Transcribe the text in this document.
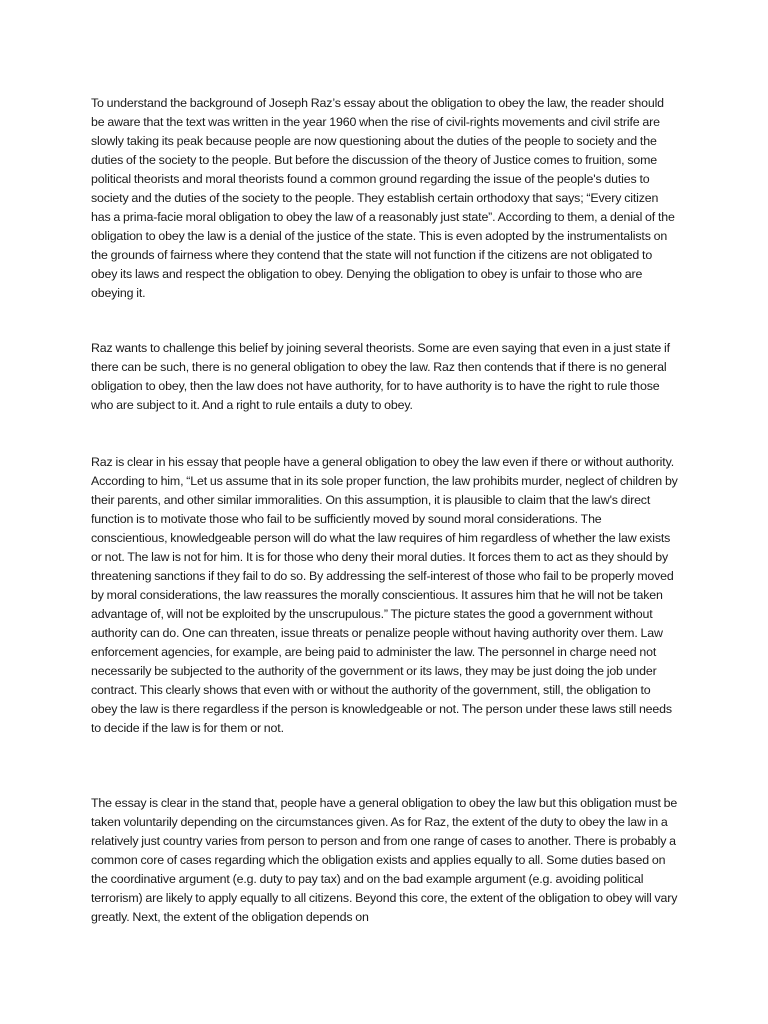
To understand the background of Joseph Raz’s essay about the obligation to obey the law, the reader should be aware that the text was written in the year 1960 when the rise of civil-rights movements and civil strife are slowly taking its peak because people are now questioning about the duties of the people to society and the duties of the society to the people. But before the discussion of the theory of Justice comes to fruition, some political theorists and moral theorists found a common ground regarding the issue of the people's duties to society and the duties of the society to the people. They establish certain orthodoxy that says; “Every citizen has a prima-facie moral obligation to obey the law of a reasonably just state”. According to them, a denial of the obligation to obey the law is a denial of the justice of the state. This is even adopted by the instrumentalists on the grounds of fairness where they contend that the state will not function if the citizens are not obligated to obey its laws and respect the obligation to obey. Denying the obligation to obey is unfair to those who are obeying it.

Raz wants to challenge this belief by joining several theorists. Some are even saying that even in a just state if there can be such, there is no general obligation to obey the law. Raz then contends that if there is no general obligation to obey, then the law does not have authority, for to have authority is to have the right to rule those who are subject to it. And a right to rule entails a duty to obey.

Raz is clear in his essay that people have a general obligation to obey the law even if there or without authority. According to him, “Let us assume that in its sole proper function, the law prohibits murder, neglect of children by their parents, and other similar immoralities. On this assumption, it is plausible to claim that the law's direct function is to motivate those who fail to be sufficiently moved by sound moral considerations. The conscientious, knowledgeable person will do what the law requires of him regardless of whether the law exists or not. The law is not for him. It is for those who deny their moral duties. It forces them to act as they should by threatening sanctions if they fail to do so. By addressing the self-interest of those who fail to be properly moved by moral considerations, the law reassures the morally conscientious. It assures him that he will not be taken advantage of, will not be exploited by the unscrupulous.” The picture states the good a government without authority can do. One can threaten, issue threats or penalize people without having authority over them. Law enforcement agencies, for example, are being paid to administer the law. The personnel in charge need not necessarily be subjected to the authority of the government or its laws, they may be just doing the job under contract. This clearly shows that even with or without the authority of the government, still, the obligation to obey the law is there regardless if the person is knowledgeable or not. The person under these laws still needs to decide if the law is for them or not.

The essay is clear in the stand that, people have a general obligation to obey the law but this obligation must be taken voluntarily depending on the circumstances given. As for Raz, the extent of the duty to obey the law in a relatively just country varies from person to person and from one range of cases to another. There is probably a common core of cases regarding which the obligation exists and applies equally to all. Some duties based on the coordinative argument (e.g. duty to pay tax) and on the bad example argument (e.g. avoiding political terrorism) are likely to apply equally to all citizens. Beyond this core, the extent of the obligation to obey will vary greatly. Next, the extent of the obligation depends on
